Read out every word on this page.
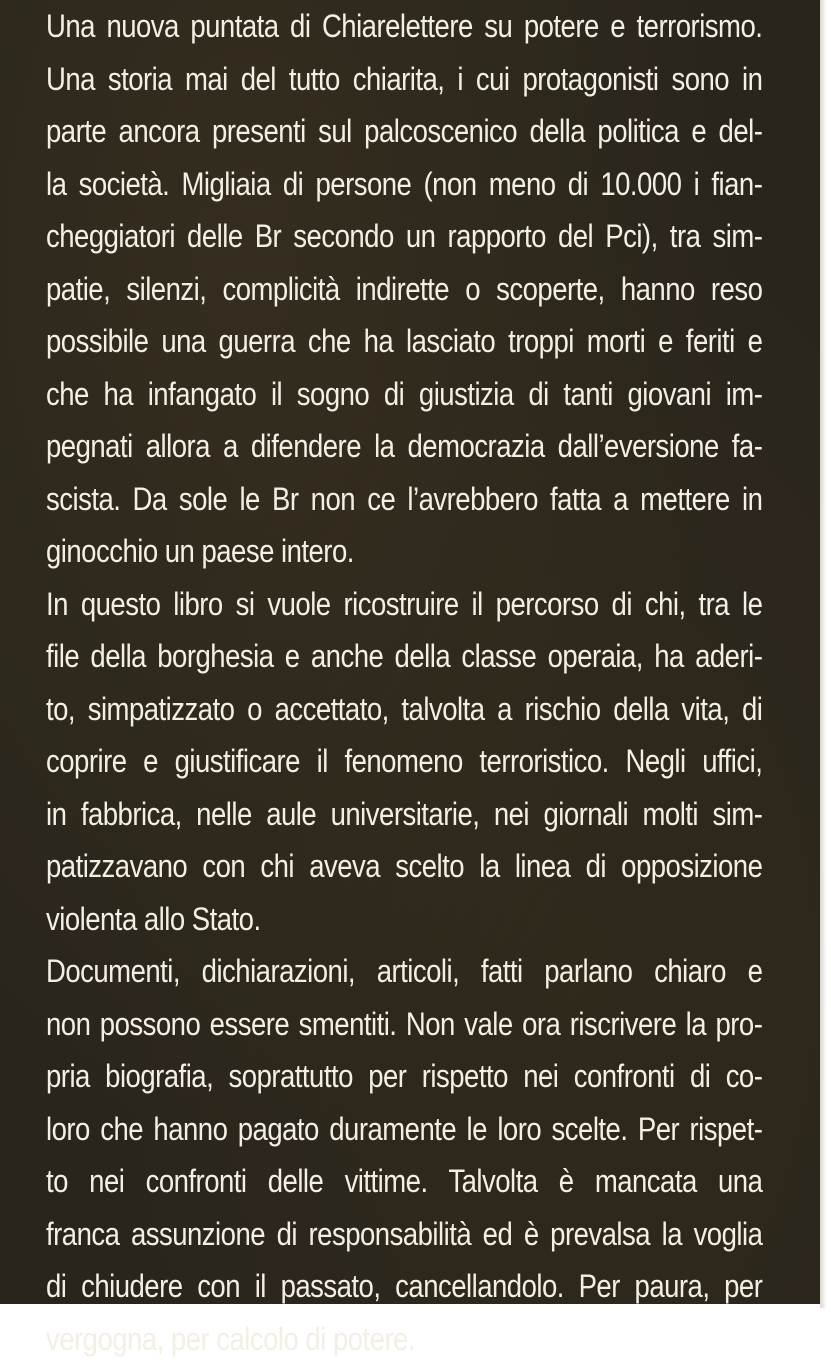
Una nuova puntata di Chiarelettere su potere e terrorismo.
Una storia mai del tutto chiarita, i cui protagonisti sono in
parte ancora presenti sul palcoscenico della politica e del-
la società. Migliaia di persone (non meno di 10.000 i fian-
cheggiatori delle Br secondo un rapporto del Pci), tra sim-
patie, silenzi, complicità indirette o scoperte, hanno reso
possibile una guerra che ha lasciato troppi morti e feriti e
che ha infangato il sogno di giustizia di tanti giovani im-
pegnati allora a difendere la democrazia dall’eversione fa-
scista. Da sole le Br non ce l’avrebbero fatta a mettere in
ginocchio un paese intero.
In questo libro si vuole ricostruire il percorso di chi, tra le
file della borghesia e anche della classe operaia, ha aderi-
to, simpatizzato o accettato, talvolta a rischio della vita, di
coprire e giustificare il fenomeno terroristico. Negli uffici,
in fabbrica, nelle aule universitarie, nei giornali molti sim-
patizzavano con chi aveva scelto la linea di opposizione
violenta allo Stato.
Documenti, dichiarazioni, articoli, fatti parlano chiaro e
non possono essere smentiti. Non vale ora riscrivere la pro-
pria biografia, soprattutto per rispetto nei confronti di co-
loro che hanno pagato duramente le loro scelte. Per rispet-
to nei confronti delle vittime. Talvolta è mancata una
franca assunzione di responsabilità ed è prevalsa la voglia
di chiudere con il passato, cancellandolo. Per paura, per
vergogna, per calcolo di potere.
